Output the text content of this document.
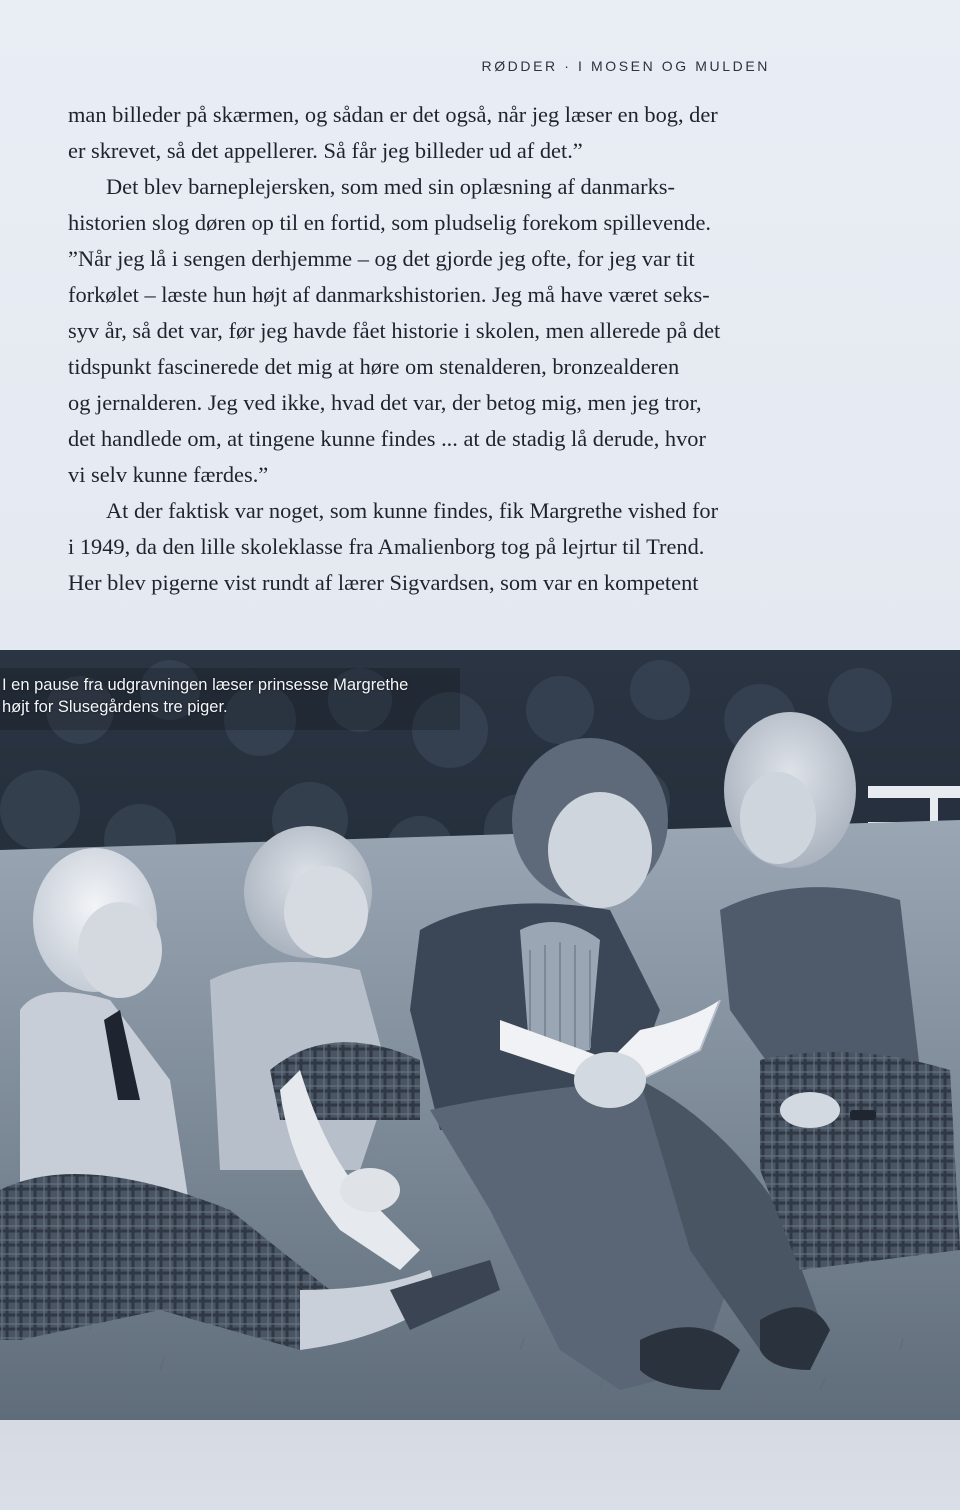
RØDDER · I MOSEN OG MULDEN
man billeder på skærmen, og sådan er det også, når jeg læser en bog, der
er skrevet, så det appellerer. Så får jeg billeder ud af det.”
Det blev barneplejersken, som med sin oplæsning af danmarks-
historien slog døren op til en fortid, som pludselig forekom spillevende.
”Når jeg lå i sengen derhjemme – og det gjorde jeg ofte, for jeg var tit
forkølet – læste hun højt af danmarkshistorien. Jeg må have været seks-
syv år, så det var, før jeg havde fået historie i skolen, men allerede på det
tidspunkt fascinerede det mig at høre om stenalderen, bronzealderen
og jernalderen. Jeg ved ikke, hvad det var, der betog mig, men jeg tror,
det handlede om, at tingene kunne findes ... at de stadig lå derude, hvor
vi selv kunne færdes.”
At der faktisk var noget, som kunne findes, fik Margrethe vished for
i 1949, da den lille skoleklasse fra Amalienborg tog på lejrtur til Trend.
Her blev pigerne vist rundt af lærer Sigvardsen, som var en kompetent
I en pause fra udgravningen læser prinsesse Margrethe
højt for Slusegårdens tre piger.
